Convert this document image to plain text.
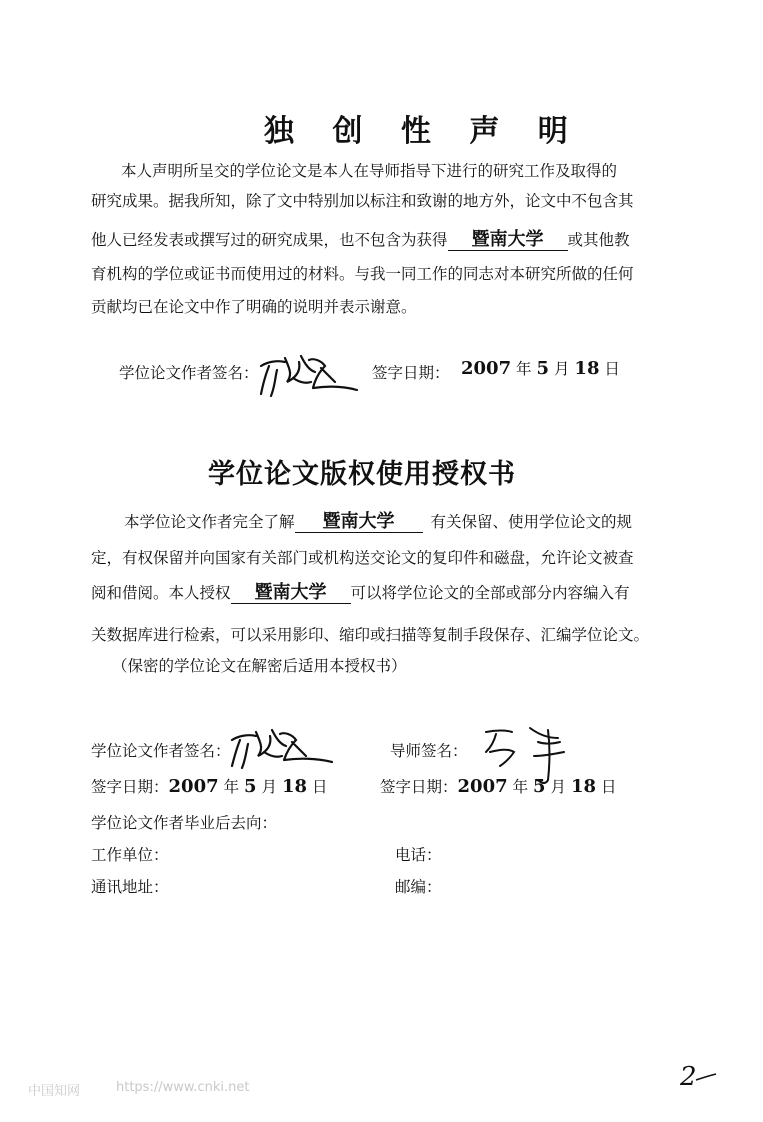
独 创 性 声 明
本人声明所呈交的学位论文是本人在导师指导下进行的研究工作及取得的
研究成果。据我所知，除了文中特别加以标注和致谢的地方外，论文中不包含其
他人已经发表或撰写过的研究成果，也不包含为获得 暨南大学 或其他教
育机构的学位或证书而使用过的材料。与我一同工作的同志对本研究所做的任何
贡献均已在论文中作了明确的说明并表示谢意。
学位论文作者签名：	签字日期： 2007 年 5 月 18 日
学位论文版权使用授权书
本学位论文作者完全了解 暨南大学 有关保留、使用学位论文的规
定，有权保留并向国家有关部门或机构送交论文的复印件和磁盘，允许论文被查
阅和借阅。本人授权 暨南大学 可以将学位论文的全部或部分内容编入有
关数据库进行检索，可以采用影印、缩印或扫描等复制手段保存、汇编学位论文。
（保密的学位论文在解密后适用本授权书）
学位论文作者签名：	导师签名：
签字日期：2007 年 5 月 18 日	签字日期：2007 年 5 月 18 日
学位论文作者毕业后去向：
工作单位：	电话：
通讯地址：	邮编：
2
中国知网	https://www.cnki.net
